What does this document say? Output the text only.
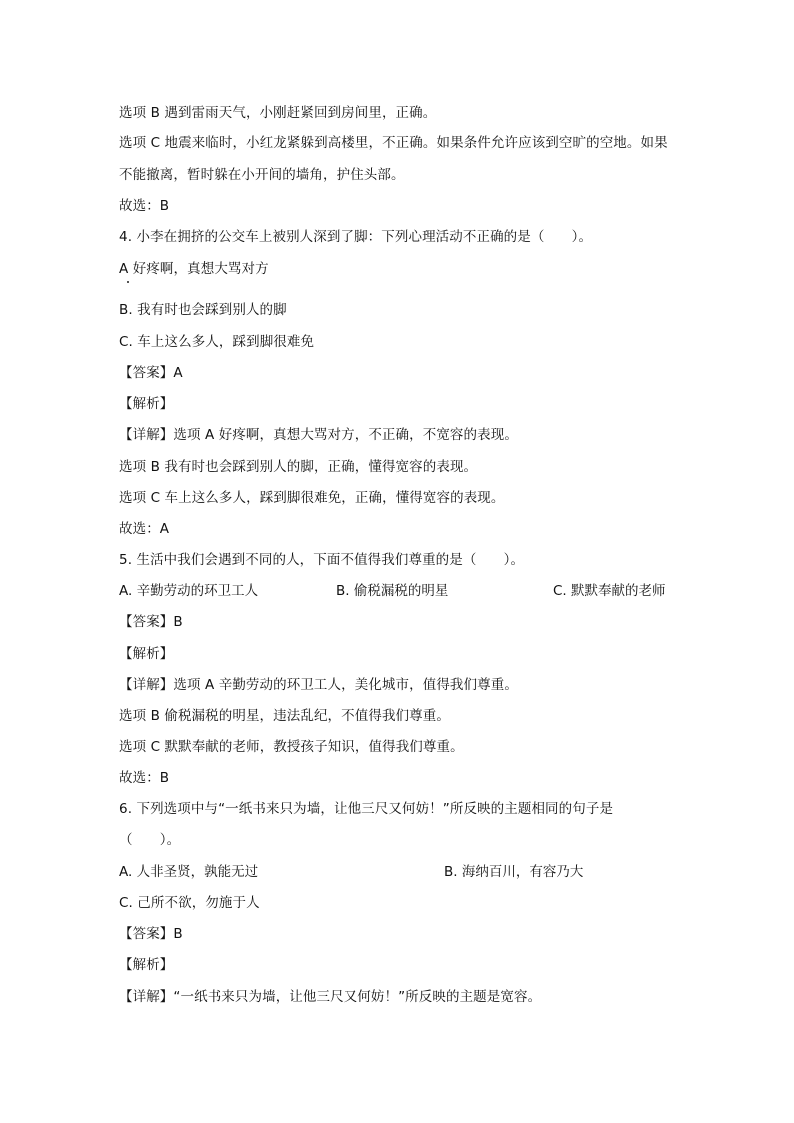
选项 B 遇到雷雨天气，小刚赶紧回到房间里，正确。
选项 C 地震来临时，小红龙紧躲到高楼里，不正确。如果条件允许应该到空旷的空地。如果
不能撤离，暂时躲在小开间的墙角，护住头部。
故选：B
4. 小李在拥挤的公交车上被别人深到了脚：下列心理活动不正确的是（　　）。
A 好疼啊，真想大骂对方
B. 我有时也会踩到别人的脚
C. 车上这么多人，踩到脚很难免
【答案】A
【解析】
【详解】选项 A 好疼啊，真想大骂对方，不正确，不宽容的表现。
选项 B 我有时也会踩到别人的脚，正确，懂得宽容的表现。
选项 C 车上这么多人，踩到脚很难免，正确，懂得宽容的表现。
故选：A
5. 生活中我们会遇到不同的人，下面不值得我们尊重的是（　　）。
A. 辛勤劳动的环卫工人	B. 偷税漏税的明星	C. 默默奉献的老师
【答案】B
【解析】
【详解】选项 A 辛勤劳动的环卫工人，美化城市，值得我们尊重。
选项 B 偷税漏税的明星，违法乱纪，不值得我们尊重。
选项 C 默默奉献的老师，教授孩子知识，值得我们尊重。
故选：B
6. 下列选项中与“一纸书来只为墙，让他三尺又何妨！”所反映的主题相同的句子是
（　　）。
A. 人非圣贤，孰能无过	B. 海纳百川，有容乃大
C. 己所不欲，勿施于人
【答案】B
【解析】
【详解】“一纸书来只为墙，让他三尺又何妨！”所反映的主题是宽容。
